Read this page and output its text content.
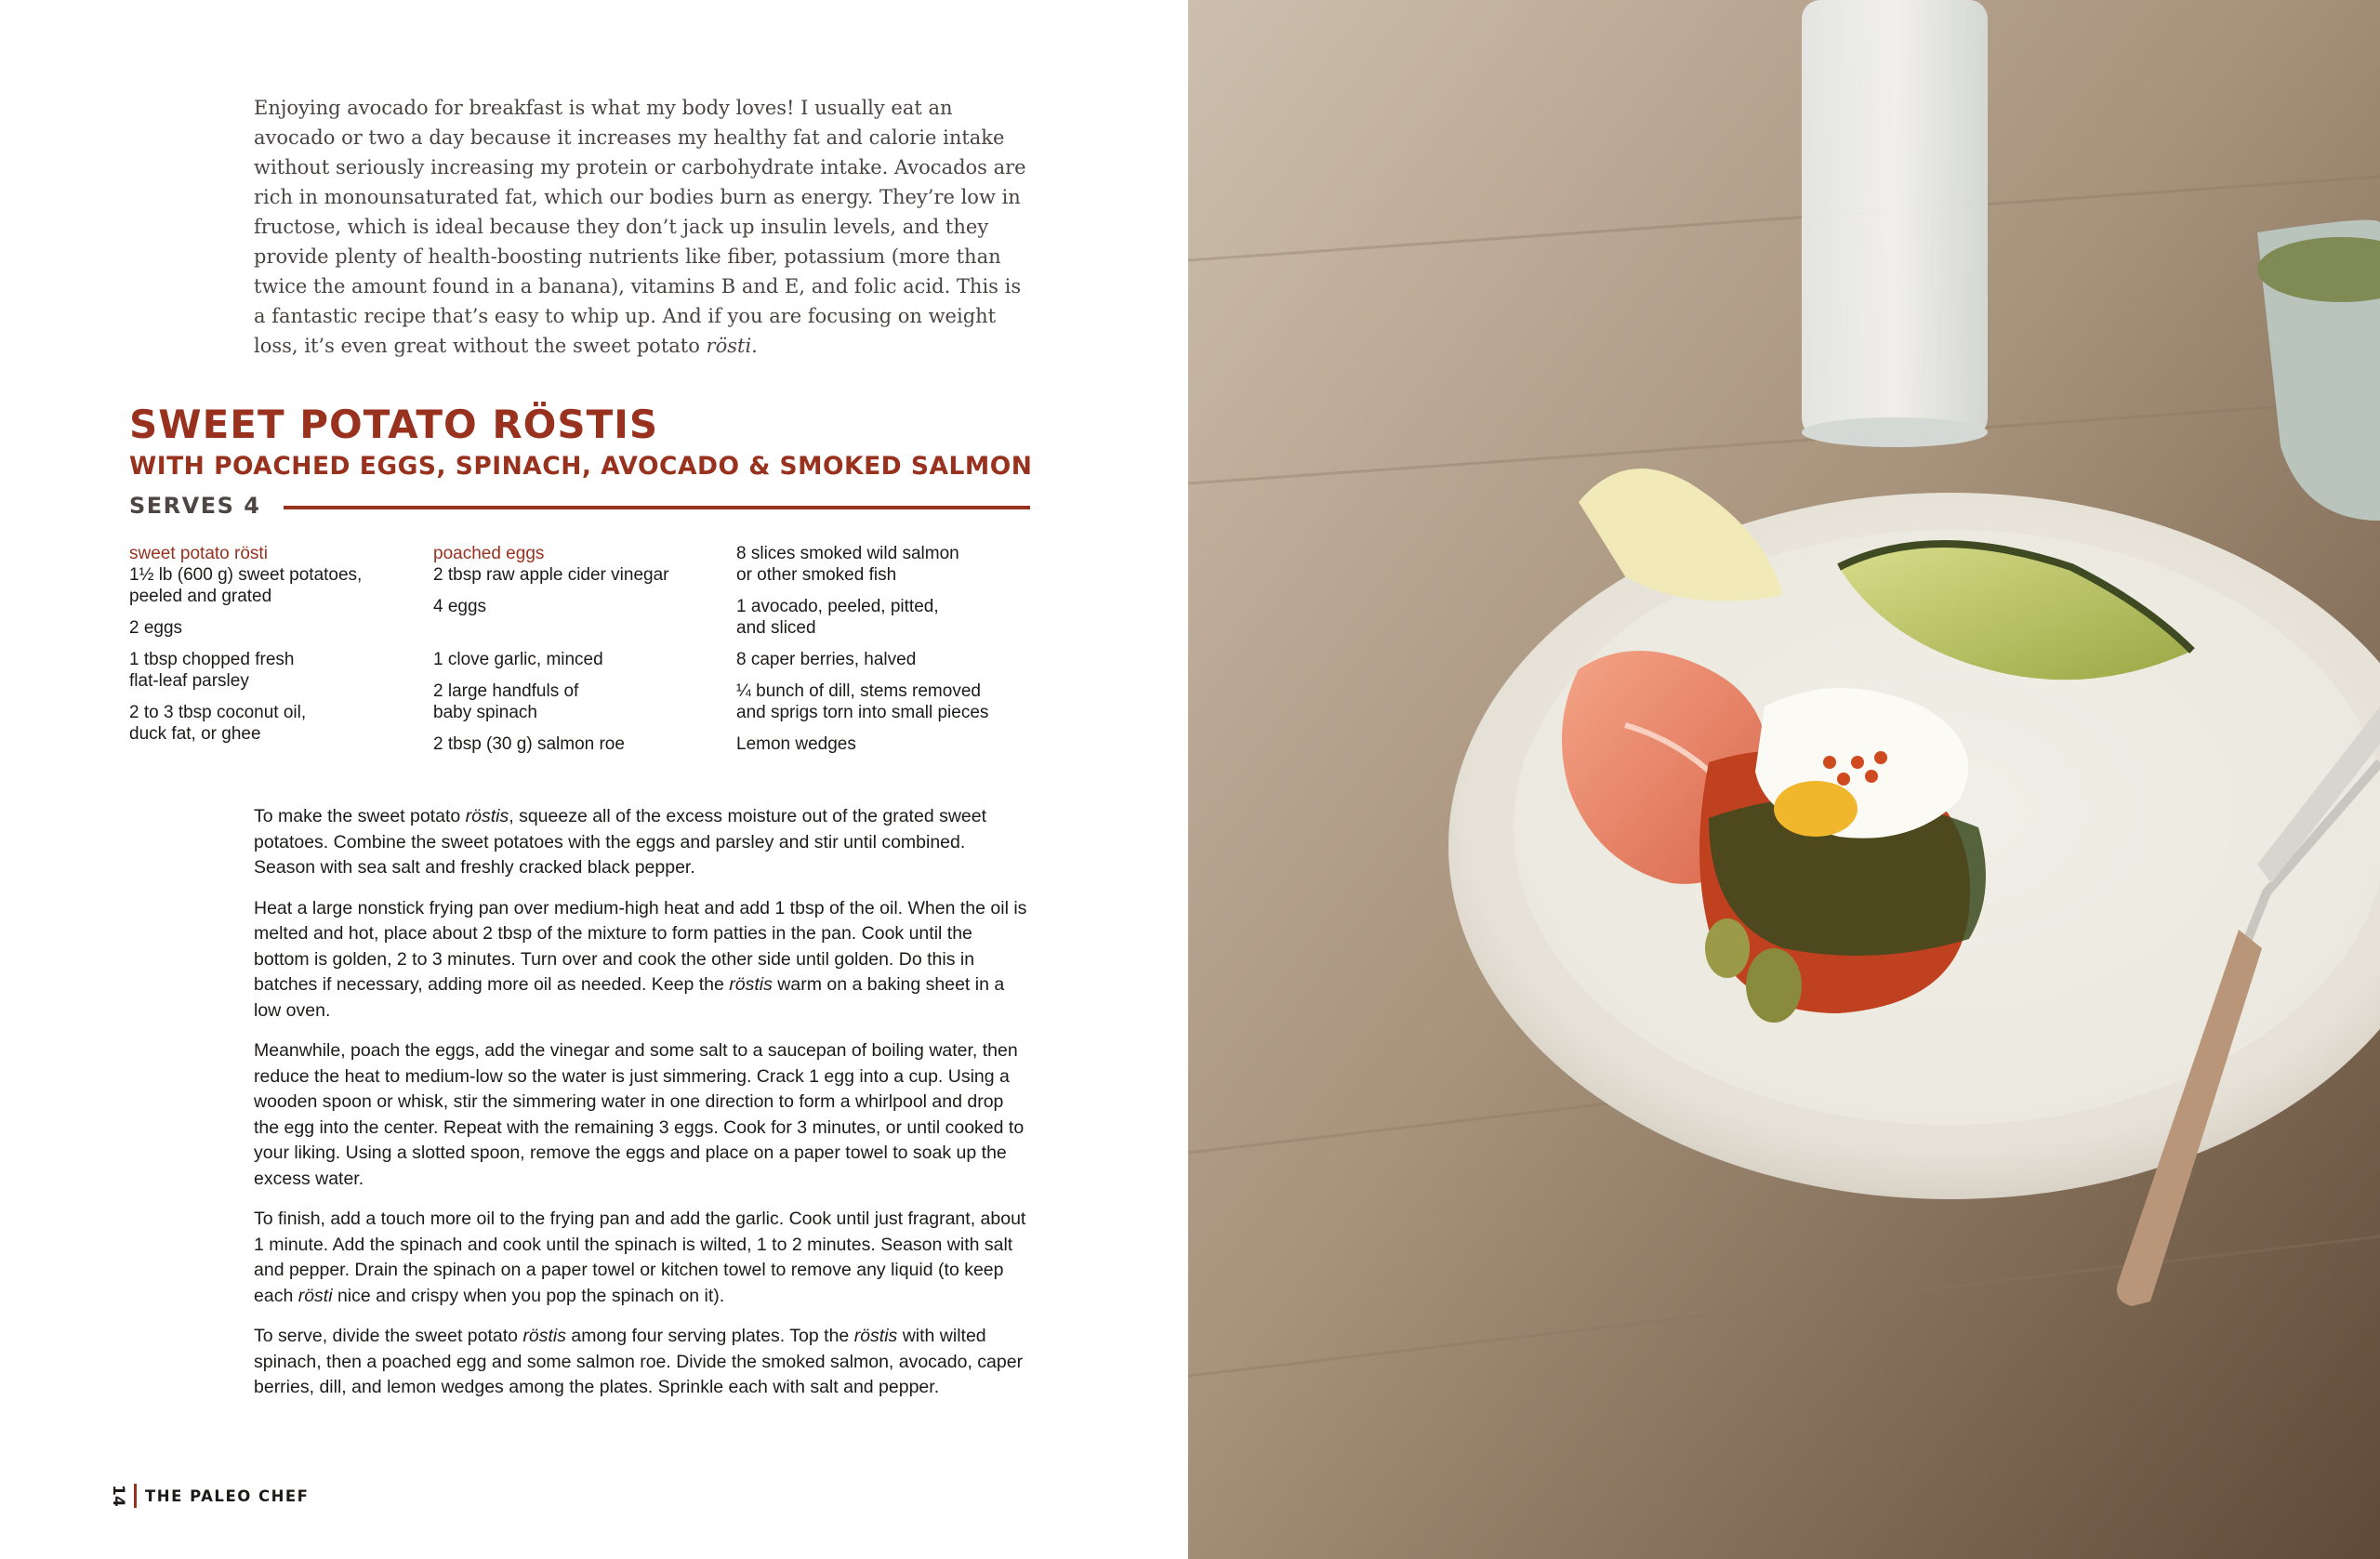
Enjoying avocado for breakfast is what my body loves! I usually eat an avocado or two a day because it increases my healthy fat and calorie intake without seriously increasing my protein or carbohydrate intake. Avocados are rich in monounsaturated fat, which our bodies burn as energy. They’re low in fructose, which is ideal because they don’t jack up insulin levels, and they provide plenty of health-boosting nutrients like fiber, potassium (more than twice the amount found in a banana), vitamins B and E, and folic acid. This is a fantastic recipe that’s easy to whip up. And if you are focusing on weight loss, it’s even great without the sweet potato rösti.

SWEET POTATO RÖSTIS
WITH POACHED EGGS, SPINACH, AVOCADO & SMOKED SALMON
SERVES 4
sweet potato rösti
1½ lb (600 g) sweet potatoes,
peeled and grated
2 eggs
1 tbsp chopped fresh
flat-leaf parsley
2 to 3 tbsp coconut oil,
duck fat, or ghee
poached eggs
2 tbsp raw apple cider vinegar
4 eggs
1 clove garlic, minced
2 large handfuls of
baby spinach
2 tbsp (30 g) salmon roe
8 slices smoked wild salmon
or other smoked fish
1 avocado, peeled, pitted,
and sliced
8 caper berries, halved
¼ bunch of dill, stems removed
and sprigs torn into small pieces
Lemon wedges

To make the sweet potato röstis, squeeze all of the excess moisture out of the grated sweet potatoes. Combine the sweet potatoes with the eggs and parsley and stir until combined. Season with sea salt and freshly cracked black pepper.

Heat a large nonstick frying pan over medium-high heat and add 1 tbsp of the oil. When the oil is melted and hot, place about 2 tbsp of the mixture to form patties in the pan. Cook until the bottom is golden, 2 to 3 minutes. Turn over and cook the other side until golden. Do this in batches if necessary, adding more oil as needed. Keep the röstis warm on a baking sheet in a low oven.

Meanwhile, poach the eggs, add the vinegar and some salt to a saucepan of boiling water, then reduce the heat to medium-low so the water is just simmering. Crack 1 egg into a cup. Using a wooden spoon or whisk, stir the simmering water in one direction to form a whirlpool and drop the egg into the center. Repeat with the remaining 3 eggs. Cook for 3 minutes, or until cooked to your liking. Using a slotted spoon, remove the eggs and place on a paper towel to soak up the excess water.

To finish, add a touch more oil to the frying pan and add the garlic. Cook until just fragrant, about 1 minute. Add the spinach and cook until the spinach is wilted, 1 to 2 minutes. Season with salt and pepper. Drain the spinach on a paper towel or kitchen towel to remove any liquid (to keep each rösti nice and crispy when you pop the spinach on it).

To serve, divide the sweet potato röstis among four serving plates. Top the röstis with wilted spinach, then a poached egg and some salmon roe. Divide the smoked salmon, avocado, caper berries, dill, and lemon wedges among the plates. Sprinkle each with salt and pepper.

14 THE PALEO CHEF
